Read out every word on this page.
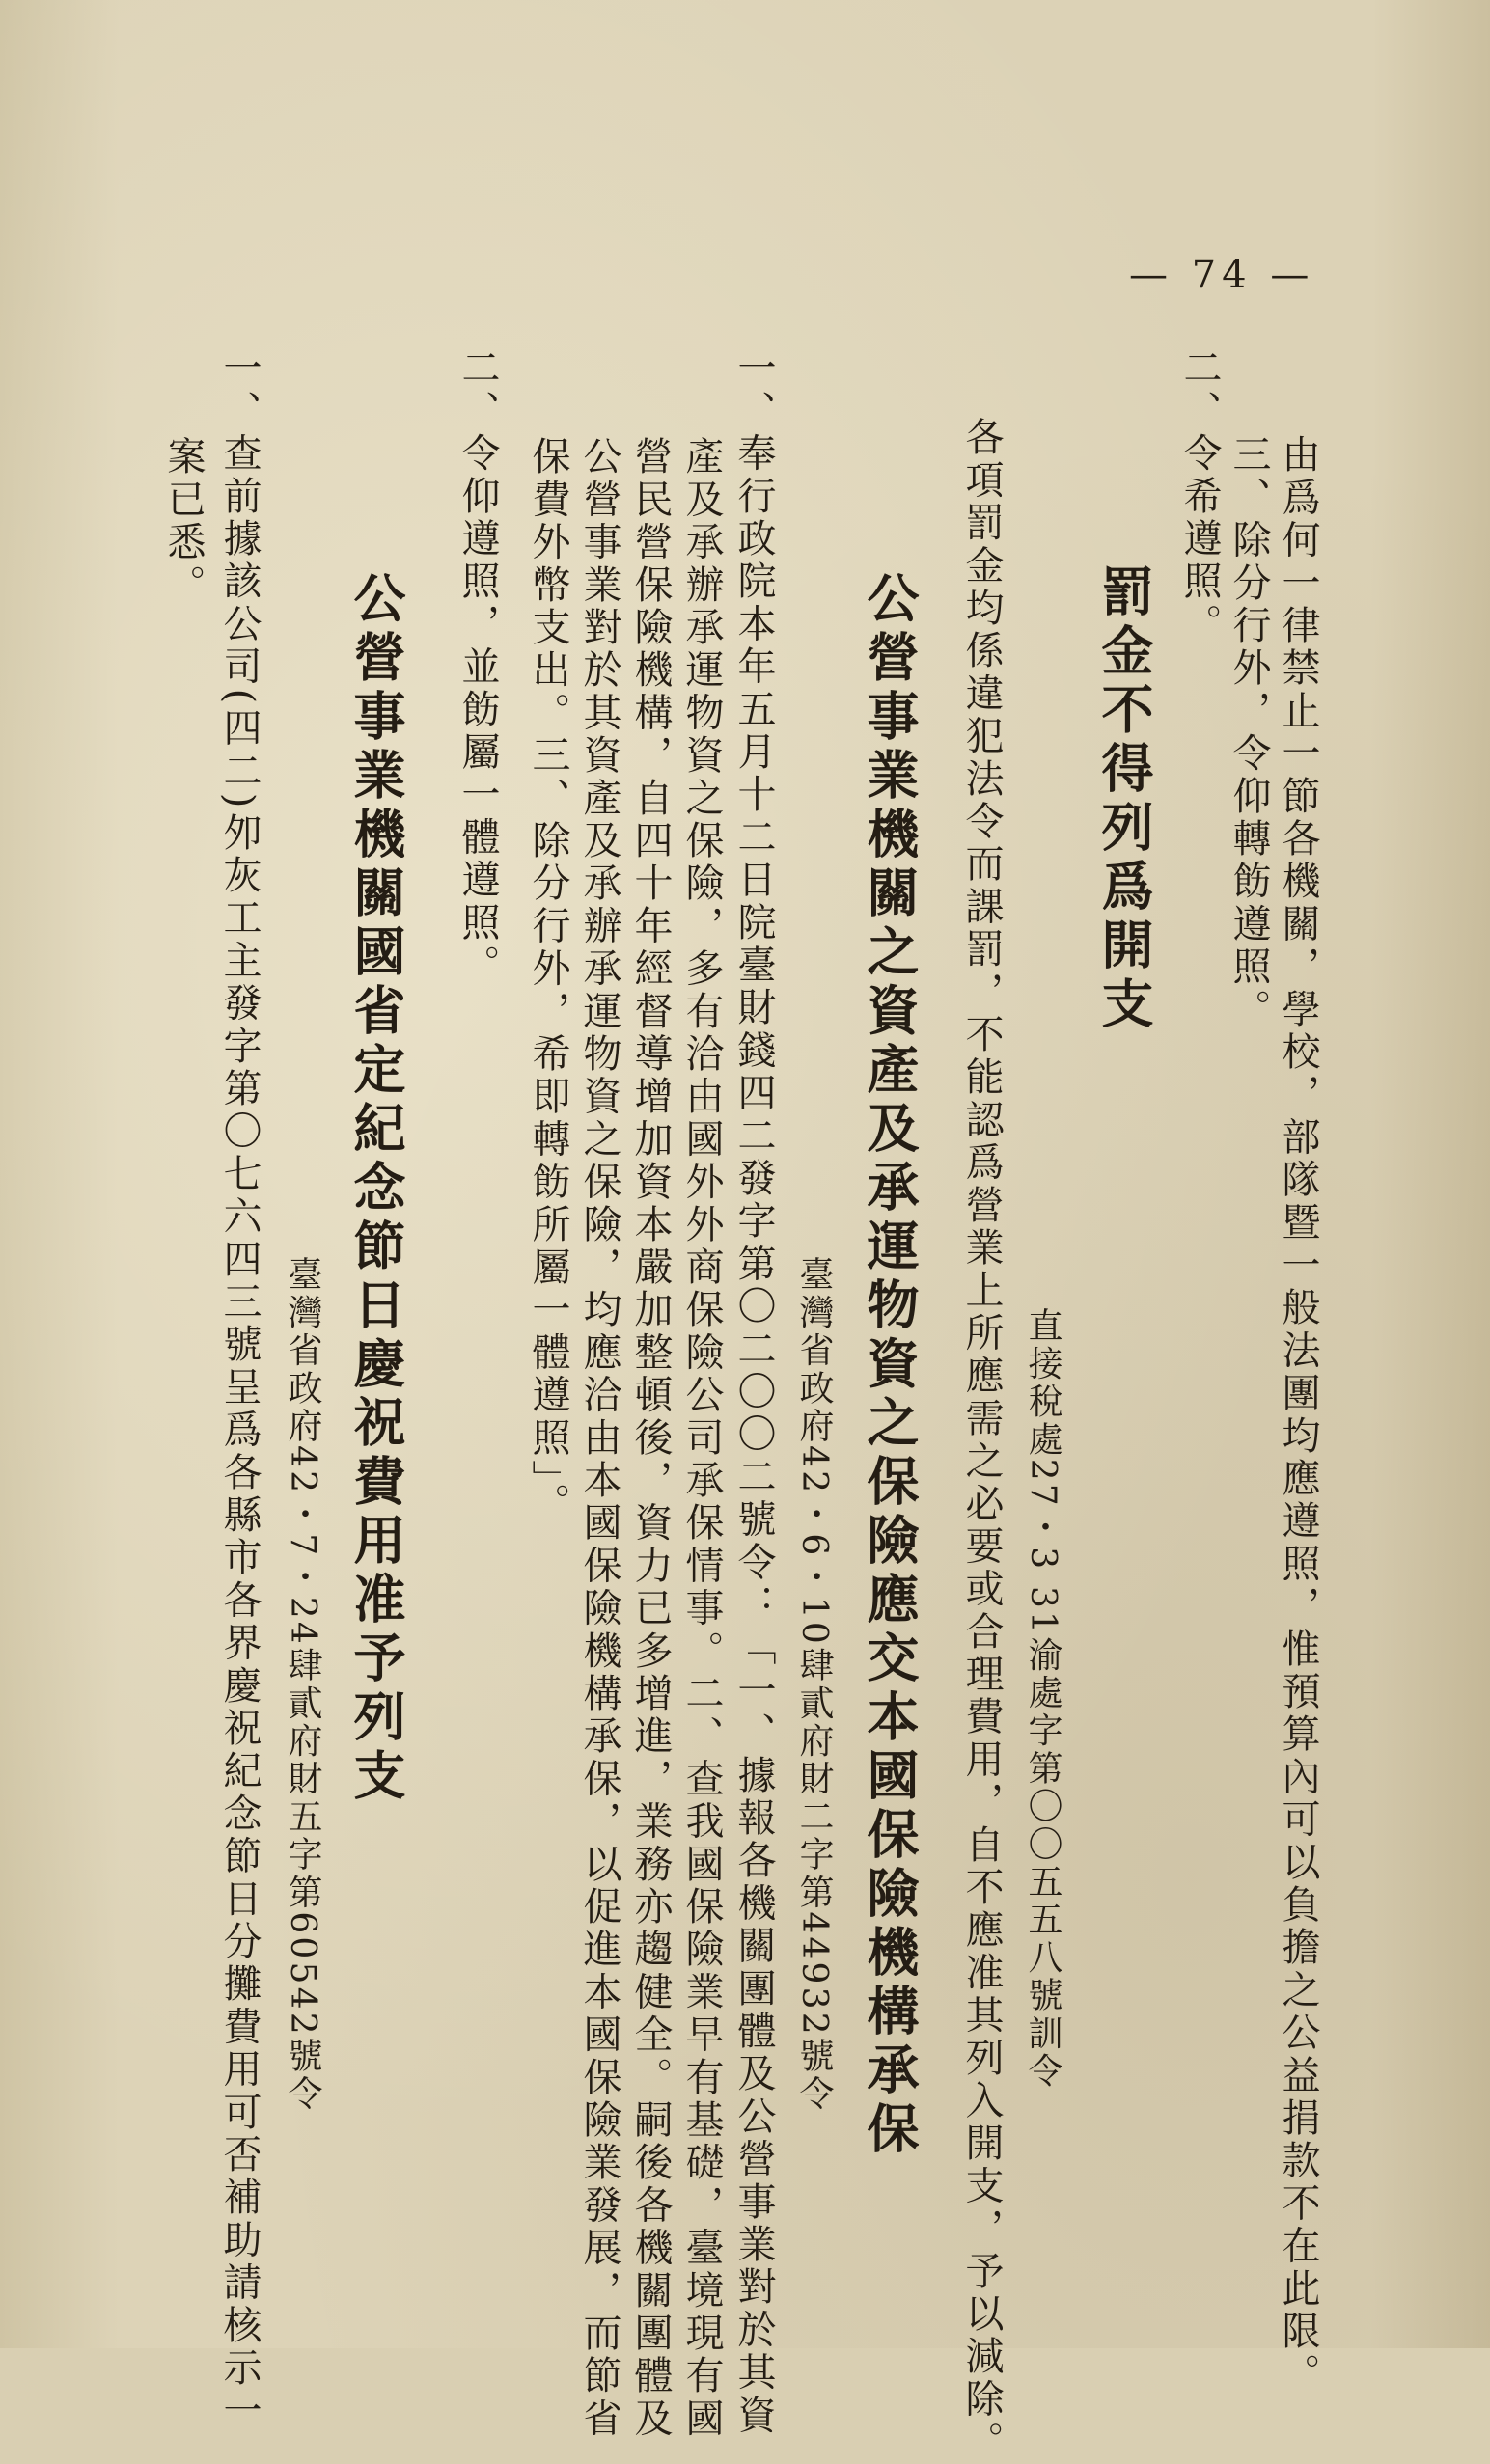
— 74 —
由爲何一律禁止一節各機關，學校，部隊暨一般法團均應遵照，惟預算內可以負擔之公益捐款不在此限。
三、除分行外，令仰轉飭遵照。
二、令希遵照。
罰金不得列爲開支
直接稅處27・3 31渝處字第〇〇五五八號訓令
各項罰金均係違犯法令而課罰，不能認爲營業上所應需之必要或合理費用，自不應准其列入開支，予以減除。
公營事業機關之資產及承運物資之保險應交本國保險機構承保
臺灣省政府42・6・10肆貳府財二字第44932號令
一、奉行政院本年五月十二日院臺財錢四二發字第〇二〇〇二號令：「一、據報各機關團體及公營事業對於其資
產及承辦承運物資之保險，多有洽由國外外商保險公司承保情事。二、查我國保險業早有基礎，臺境現有國
營民營保險機構，自四十年經督導增加資本嚴加整頓後，資力已多增進，業務亦趨健全。嗣後各機關團體及
公營事業對於其資產及承辦承運物資之保險，均應洽由本國保險機構承保，以促進本國保險業發展，而節省
保費外幣支出。三、除分行外，希即轉飭所屬一體遵照」。
二、令仰遵照，並飭屬一體遵照。
公營事業機關國省定紀念節日慶祝費用准予列支
臺灣省政府42・7・24肆貳府財五字第60542號令
一、查前據該公司(四二)夘灰工主發字第〇七六四三號呈爲各縣市各界慶祝紀念節日分攤費用可否補助請核示一
案已悉。
